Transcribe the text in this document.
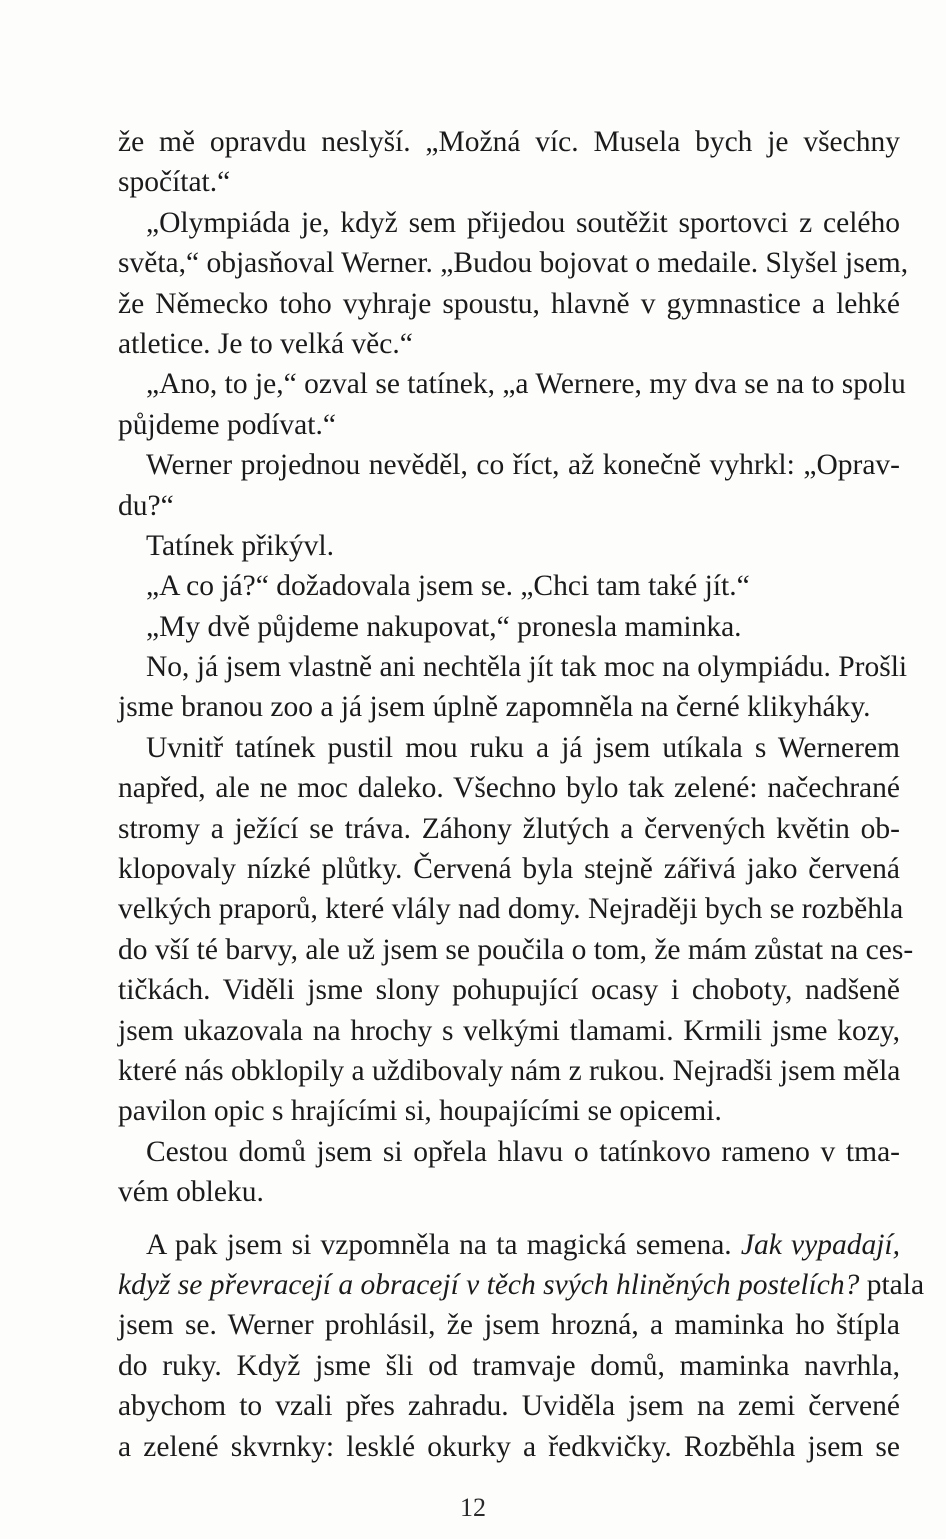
že mě opravdu neslyší. „Možná víc. Musela bych je všechny
spočítat.“
„Olympiáda je, když sem přijedou soutěžit sportovci z celého
světa,“ objasňoval Werner. „Budou bojovat o medaile. Slyšel jsem,
že Německo toho vyhraje spoustu, hlavně v gymnastice a lehké
atletice. Je to velká věc.“
„Ano, to je,“ ozval se tatínek, „a Wernere, my dva se na to spolu
půjdeme podívat.“
Werner projednou nevěděl, co říct, až konečně vyhrkl: „Oprav-
du?“
Tatínek přikývl.
„A co já?“ dožadovala jsem se. „Chci tam také jít.“
„My dvě půjdeme nakupovat,“ pronesla maminka.
No, já jsem vlastně ani nechtěla jít tak moc na olympiádu. Prošli
jsme branou zoo a já jsem úplně zapomněla na černé klikyháky.
Uvnitř tatínek pustil mou ruku a já jsem utíkala s Wernerem
napřed, ale ne moc daleko. Všechno bylo tak zelené: načechrané
stromy a ježící se tráva. Záhony žlutých a červených květin ob-
klopovaly nízké plůtky. Červená byla stejně zářivá jako červená
velkých praporů, které vlály nad domy. Nejraději bych se rozběhla
do vší té barvy, ale už jsem se poučila o tom, že mám zůstat na ces-
tičkách. Viděli jsme slony pohupující ocasy i choboty, nadšeně
jsem ukazovala na hrochy s velkými tlamami. Krmili jsme kozy,
které nás obklopily a uždibovaly nám z rukou. Nejradši jsem měla
pavilon opic s hrajícími si, houpajícími se opicemi.
Cestou domů jsem si opřela hlavu o tatínkovo rameno v tma-
vém obleku.
A pak jsem si vzpomněla na ta magická semena. Jak vypadají,
když se převracejí a obracejí v těch svých hliněných postelích? ptala
jsem se. Werner prohlásil, že jsem hrozná, a maminka ho štípla
do ruky. Když jsme šli od tramvaje domů, maminka navrhla,
abychom to vzali přes zahradu. Uviděla jsem na zemi červené
a zelené skvrnky: lesklé okurky a ředkvičky. Rozběhla jsem se
12
